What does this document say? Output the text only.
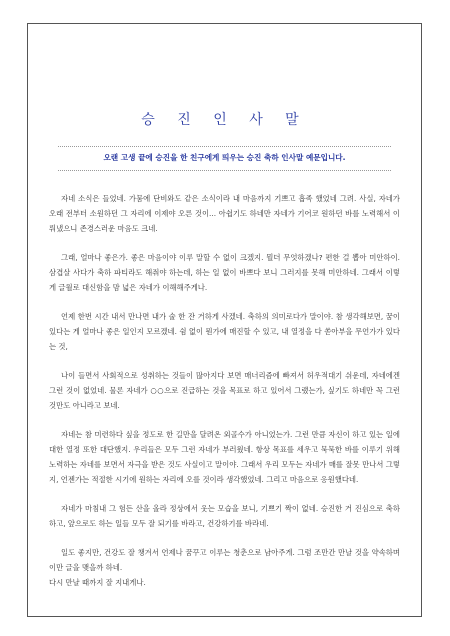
승 진 인 사 말
오랜 고생 끝에 승진을 한 친구에게 띄우는 승진 축하 인사말 예문입니다.

자네 소식은 들었네. 가뭄에 단비와도 같은 소식이라 내 마음까지 기쁘고 흡족 했었네 그려. 사실, 자네가 오래 전부터 소원하던 그 자리에 이제야 오른 것이... 아쉽기도 하네만 자네가 기어코 원하던 바를 노력해서 이뤄냈으니 존경스러운 마음도 크네.

그래, 얼마나 좋은가. 좋은 마음이야 이루 말할 수 없이 크겠지. 뭘더 무엇하겠나? 편한 걸 뽑아 미안하이. 삼겹살 사다가 축하 파티라도 해줘야 하는데, 하는 일 없이 바쁘다 보니 그러지를 못해 미안하네. 그래서 이렇게 글월로 대신함을 맘 넓은 자네가 이해해주게나.

언제 한번 시간 내서 만나면 내가 술 한 잔 거하게 사겠네. 축하의 의미로다가 말이야. 참 생각해보면, 꿈이 있다는 게 얼마나 좋은 일인지 모르겠네. 쉼 없이 뭔가에 매진할 수 있고, 내 열정을 다 쏟아부을 무언가가 있다는 것,

나이 들면서 사회적으로 성취하는 것들이 많아지다 보면 매너리즘에 빠져서 허우적대기 쉬운데, 자네에겐 그런 것이 없었네. 물론 자네가 ○○으로 진급하는 것을 목표로 하고 있어서 그랬는가, 싶기도 하네만 꼭 그런 것만도 아니라고 보네.

자네는 참 미련하다 싶을 정도로 한 길만을 달려온 외골수가 아니었는가. 그런 만큼 자신이 하고 있는 일에 대한 열정 또한 대단했지. 우리들은 모두 그런 자네가 부러웠네. 항상 목표를 세우고 묵묵한 바를 이루기 위해 노력하는 자네를 보면서 자극을 받은 것도 사실이고 말이야. 그래서 우리 모두는 자네가 매를 잘못 만나서 그렇지, 언젠가는 적절한 시기에 원하는 자리에 오를 것이라 생각했었네. 그리고 마음으로 응원했다네.

자네가 마침내 그 험든 산을 올라 정상에서 웃는 모습을 보니, 기쁘기 짝이 없네. 승진한 거 진심으로 축하하고, 앞으로도 하는 일들 모두 잘 되기를 바라고, 건강하기를 바라네.

일도 좋지만, 건강도 잘 챙겨서 언제나 꿈꾸고 이루는 청춘으로 남아주게. 그럼 조만간 만날 것을 약속하며 이만 글을 맺을까 하네.

다시 만날 때까지 잘 지내게나.
